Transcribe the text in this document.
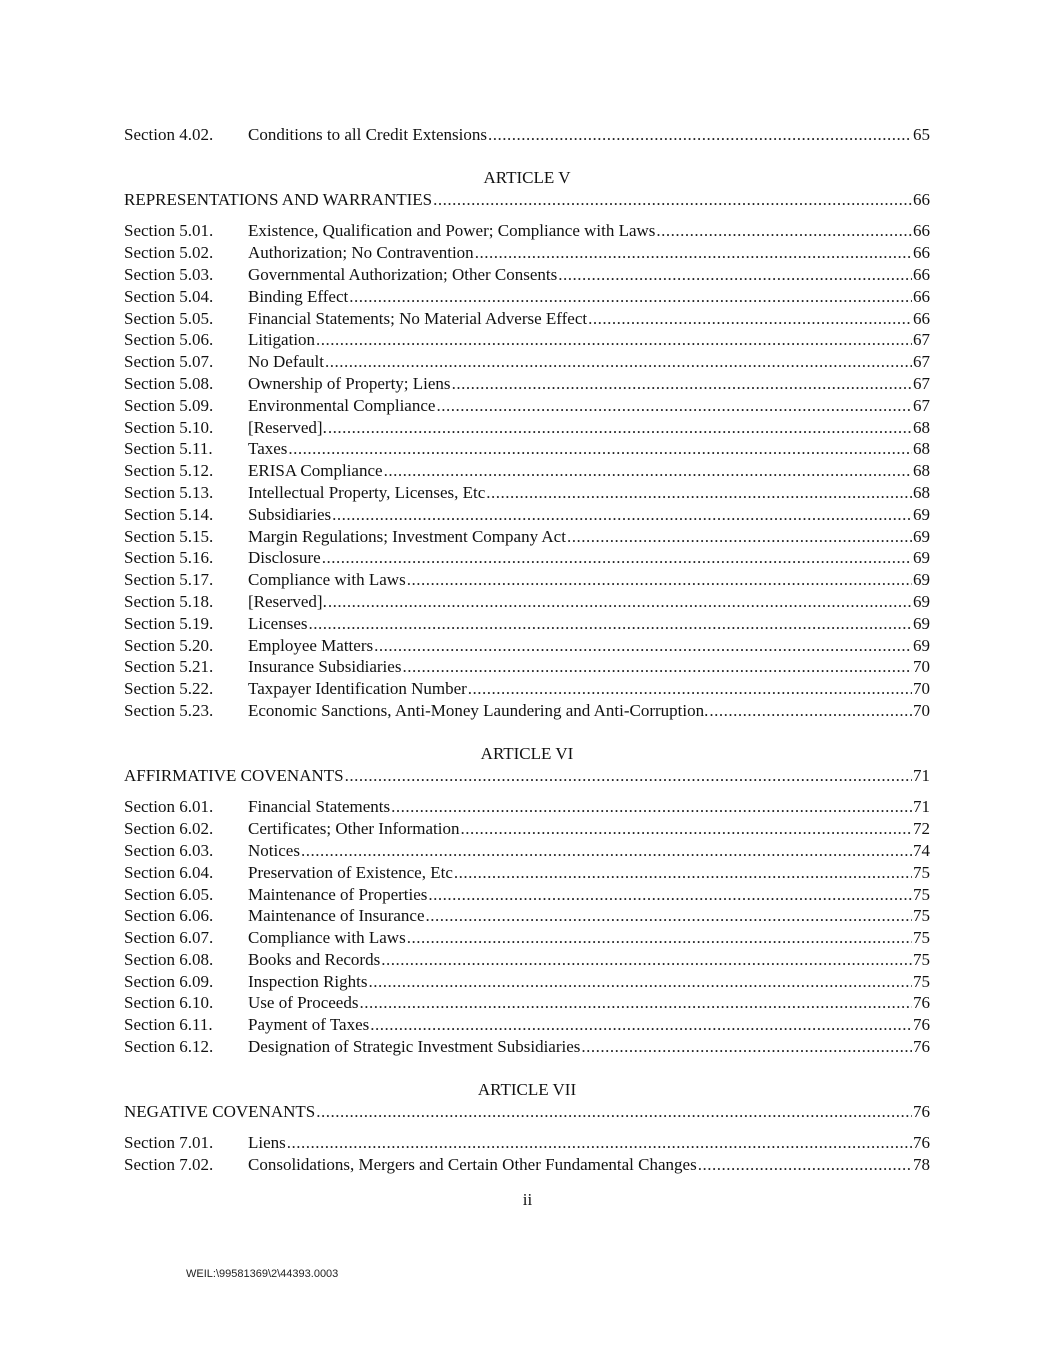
Section 4.02.	Conditions to all Credit Extensions .....	65
ARTICLE V
REPRESENTATIONS AND WARRANTIES .....	66
Section 5.01.	Existence, Qualification and Power; Compliance with Laws .....	66
Section 5.02.	Authorization; No Contravention .....	66
Section 5.03.	Governmental Authorization; Other Consents .....	66
Section 5.04.	Binding Effect .....	66
Section 5.05.	Financial Statements; No Material Adverse Effect .....	66
Section 5.06.	Litigation .....	67
Section 5.07.	No Default .....	67
Section 5.08.	Ownership of Property; Liens .....	67
Section 5.09.	Environmental Compliance .....	67
Section 5.10.	[Reserved]. .....	68
Section 5.11.	Taxes .....	68
Section 5.12.	ERISA Compliance .....	68
Section 5.13.	Intellectual Property, Licenses, Etc .....	68
Section 5.14.	Subsidiaries .....	69
Section 5.15.	Margin Regulations; Investment Company Act .....	69
Section 5.16.	Disclosure .....	69
Section 5.17.	Compliance with Laws .....	69
Section 5.18.	[Reserved]. .....	69
Section 5.19.	Licenses .....	69
Section 5.20.	Employee Matters .....	69
Section 5.21.	Insurance Subsidiaries .....	70
Section 5.22.	Taxpayer Identification Number .....	70
Section 5.23.	Economic Sanctions, Anti-Money Laundering and Anti-Corruption. .....	70
ARTICLE VI
AFFIRMATIVE COVENANTS .....	71
Section 6.01.	Financial Statements .....	71
Section 6.02.	Certificates; Other Information .....	72
Section 6.03.	Notices .....	74
Section 6.04.	Preservation of Existence, Etc .....	75
Section 6.05.	Maintenance of Properties .....	75
Section 6.06.	Maintenance of Insurance .....	75
Section 6.07.	Compliance with Laws .....	75
Section 6.08.	Books and Records .....	75
Section 6.09.	Inspection Rights .....	75
Section 6.10.	Use of Proceeds .....	76
Section 6.11.	Payment of Taxes .....	76
Section 6.12.	Designation of Strategic Investment Subsidiaries .....	76
ARTICLE VII
NEGATIVE COVENANTS .....	76
Section 7.01.	Liens .....	76
Section 7.02.	Consolidations, Mergers and Certain Other Fundamental Changes .....	78
ii
WEIL:\99581369\2\44393.0003
